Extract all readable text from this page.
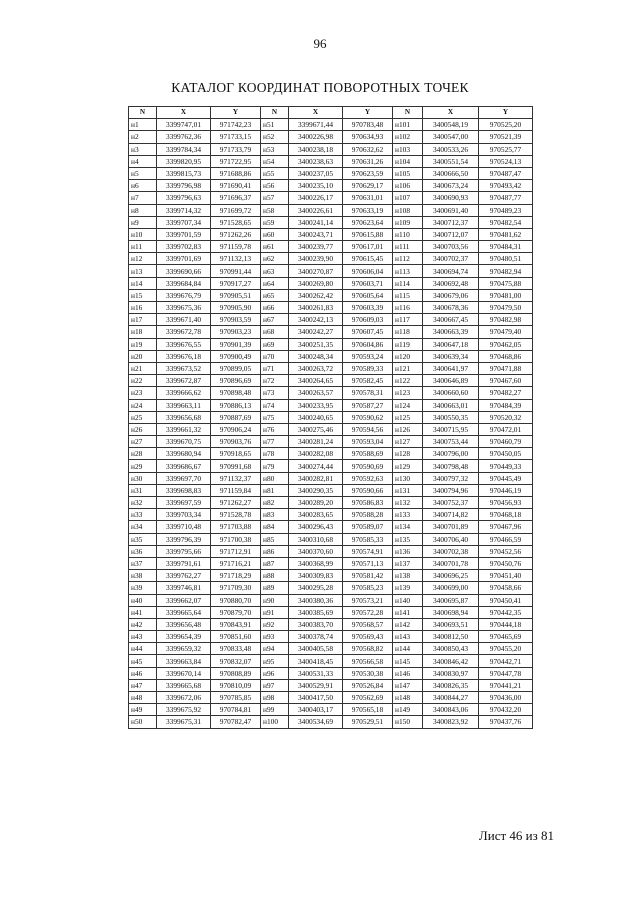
96
КАТАЛОГ КООРДИНАТ ПОВОРОТНЫХ ТОЧЕК
N	X	Y	N	X	Y	N	X	Y
н1	3399747,01	971742,23	н51	3399671,44	970783,48	н101	3400548,19	970525,20
н2	3399762,36	971733,15	н52	3400226,98	970634,93	н102	3400547,00	970521,39
н3	3399784,34	971733,79	н53	3400238,18	970632,62	н103	3400533,26	970525,77
н4	3399820,95	971722,95	н54	3400238,63	970631,26	н104	3400551,54	970524,13
н5	3399815,73	971688,86	н55	3400237,05	970623,59	н105	3400666,50	970487,47
н6	3399796,98	971690,41	н56	3400235,10	970629,17	н106	3400673,24	970493,42
н7	3399796,63	971696,37	н57	3400226,17	970631,01	н107	3400690,93	970487,77
н8	3399714,32	971699,72	н58	3400226,61	970633,19	н108	3400691,40	970489,23
н9	3399707,34	971528,65	н59	3400241,14	970623,64	н109	3400712,37	970482,54
н10	3399701,59	971262,26	н60	3400243,71	970615,88	н110	3400712,07	970481,62
н11	3399702,83	971159,78	н61	3400239,77	970617,01	н111	3400703,56	970484,31
н12	3399701,69	971132,13	н62	3400239,90	970615,45	н112	3400702,37	970480,51
н13	3399690,66	970991,44	н63	3400270,87	970606,04	н113	3400694,74	970482,94
н14	3399684,84	970917,27	н64	3400269,80	970603,71	н114	3400692,48	970475,88
н15	3399676,79	970905,51	н65	3400262,42	970605,64	н115	3400679,06	970481,00
н16	3399675,36	970905,90	н66	3400261,83	970603,39	н116	3400678,36	970479,50
н17	3399671,40	970903,59	н67	3400242,13	970609,03	н117	3400667,45	970482,98
н18	3399672,78	970903,23	н68	3400242,27	970607,45	н118	3400663,39	970479,40
н19	3399676,55	970901,39	н69	3400251,35	970604,86	н119	3400647,18	970462,05
н20	3399676,18	970900,49	н70	3400248,34	970593,24	н120	3400639,34	970468,86
н21	3399673,52	970899,05	н71	3400263,72	970589,33	н121	3400641,97	970471,88
н22	3399672,87	970896,69	н72	3400264,65	970582,45	н122	3400646,89	970467,60
н23	3399666,62	970898,48	н73	3400263,57	970578,31	н123	3400660,60	970482,27
н24	3399663,11	970886,13	н74	3400233,95	970587,27	н124	3400663,01	970484,39
н25	3399656,68	970887,69	н75	3400240,65	970590,62	н125	3400550,35	970520,32
н26	3399661,32	970906,24	н76	3400275,46	970594,56	н126	3400715,95	970472,01
н27	3399670,75	970903,76	н77	3400281,24	970593,04	н127	3400753,44	970460,79
н28	3399680,94	970918,65	н78	3400282,08	970588,69	н128	3400796,00	970450,05
н29	3399686,67	970991,68	н79	3400274,44	970590,69	н129	3400798,48	970449,33
н30	3399697,70	971132,37	н80	3400282,81	970592,63	н130	3400797,32	970445,49
н31	3399698,83	971159,84	н81	3400290,35	970590,66	н131	3400794,96	970446,19
н32	3399697,59	971262,27	н82	3400289,20	970586,83	н132	3400752,37	970456,93
н33	3399703,34	971528,78	н83	3400283,65	970588,28	н133	3400714,82	970468,18
н34	3399710,48	971703,88	н84	3400296,43	970589,07	н134	3400701,89	970467,96
н35	3399796,39	971700,38	н85	3400310,68	970585,33	н135	3400706,40	970466,59
н36	3399795,66	971712,91	н86	3400370,60	970574,91	н136	3400702,38	970452,56
н37	3399791,61	971716,21	н87	3400368,99	970571,13	н137	3400701,78	970450,76
н38	3399762,27	971718,29	н88	3400309,83	970581,42	н138	3400696,25	970451,40
н39	3399746,81	971709,30	н89	3400295,28	970585,23	н139	3400699,00	970458,66
н40	3399662,07	970880,70	н90	3400380,36	970573,21	н140	3400695,87	970450,41
н41	3399665,64	970879,70	н91	3400385,69	970572,28	н141	3400698,94	970442,35
н42	3399656,48	970843,91	н92	3400383,70	970568,57	н142	3400693,51	970444,18
н43	3399654,39	970851,60	н93	3400378,74	970569,43	н143	3400812,50	970465,69
н44	3399659,32	970833,48	н94	3400405,58	970568,82	н144	3400850,43	970455,20
н45	3399663,84	970832,07	н95	3400418,45	970566,58	н145	3400846,42	970442,71
н46	3399670,14	970808,89	н96	3400531,33	970530,38	н146	3400830,97	970447,78
н47	3399665,68	970810,09	н97	3400529,91	970526,84	н147	3400826,35	970441,21
н48	3399672,06	970785,85	н98	3400417,50	970562,69	н148	3400844,27	970436,00
н49	3399675,92	970784,81	н99	3400403,17	970565,18	н149	3400843,06	970432,20
н50	3399675,31	970782,47	н100	3400534,69	970529,51	н150	3400823,92	970437,76
Лист 46 из 81
